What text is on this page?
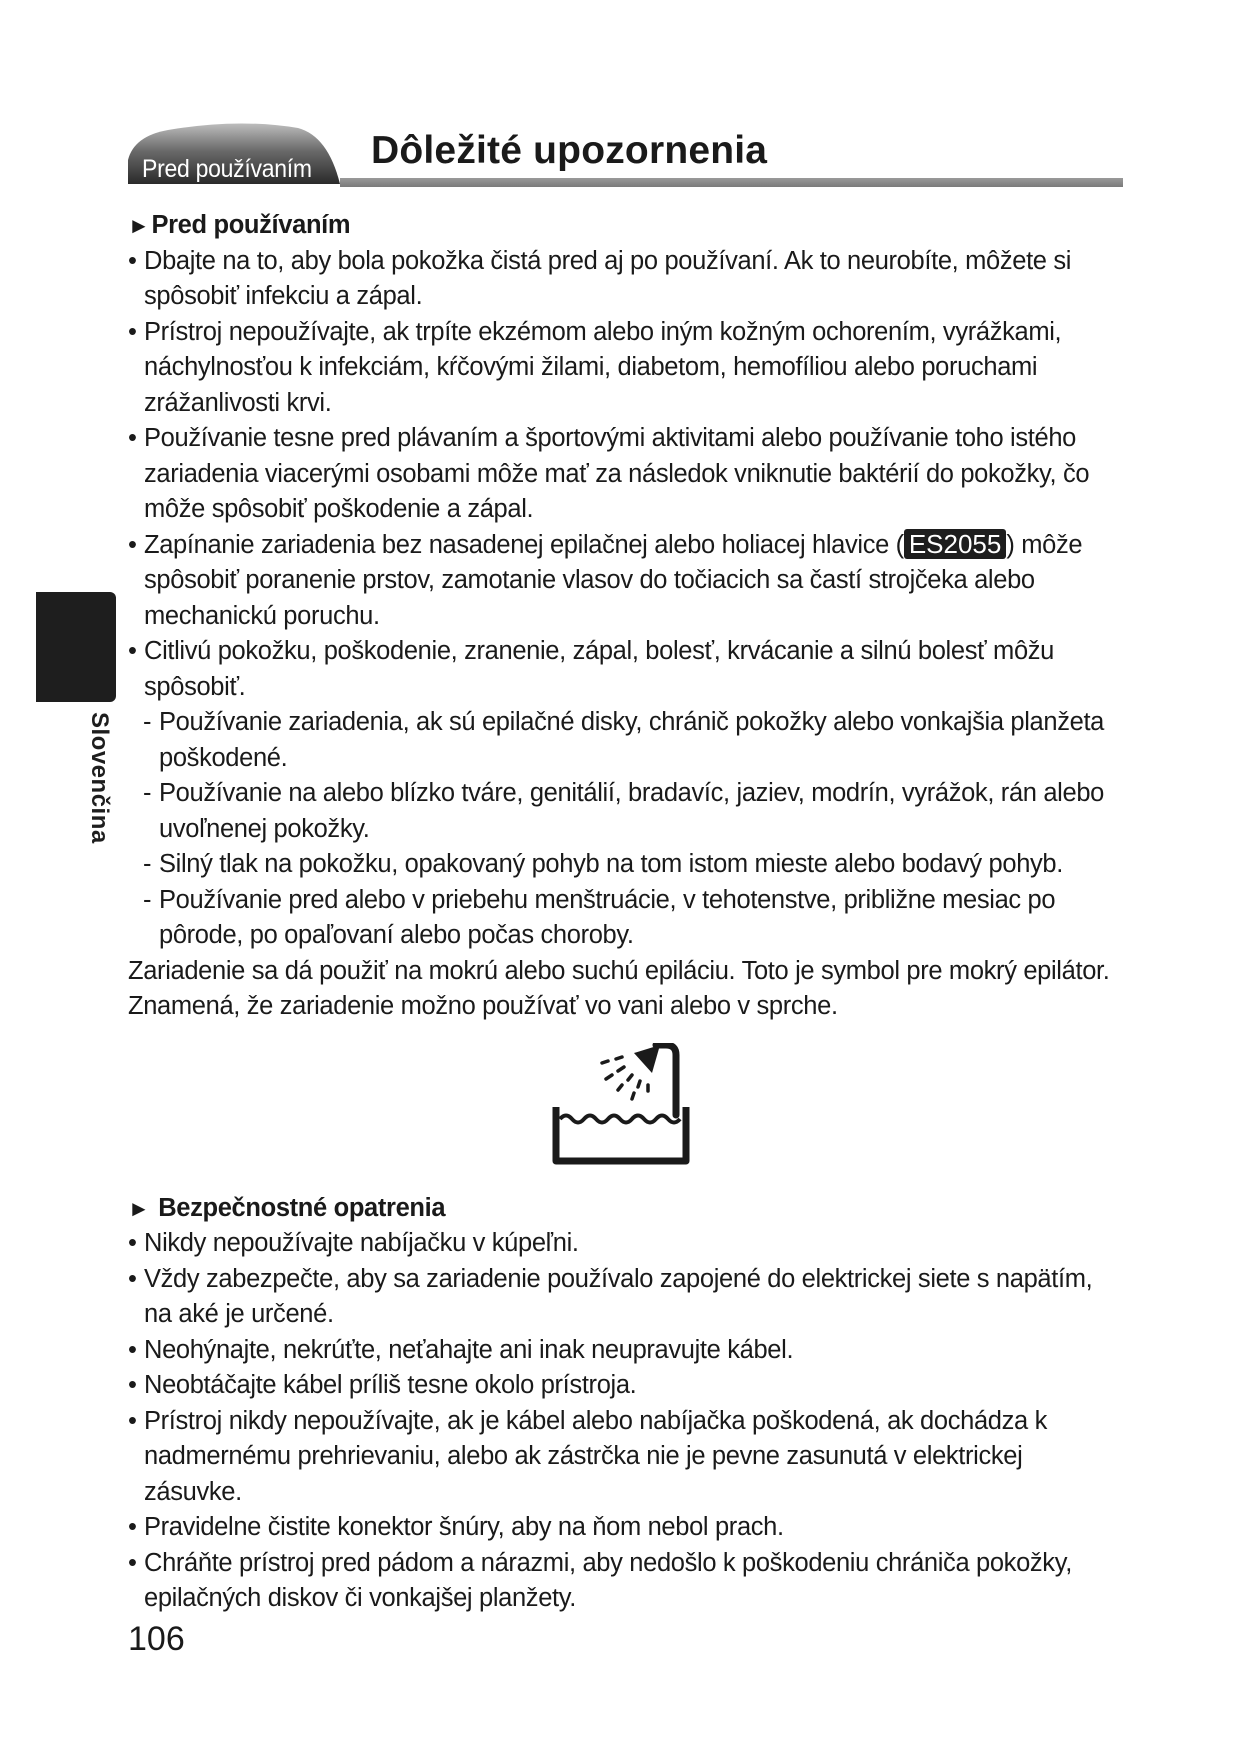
Pred používaním Dôležité upozornenia
Slovenčina
►Pred používaním
• Dbajte na to, aby bola pokožka čistá pred aj po používaní. Ak to neurobíte, môžete si spôsobiť infekciu a zápal.
• Prístroj nepoužívajte, ak trpíte ekzémom alebo iným kožným ochorením, vyrážkami, náchylnosťou k infekciám, kŕčovými žilami, diabetom, hemofíliou alebo poruchami zrážanlivosti krvi.
• Používanie tesne pred plávaním a športovými aktivitami alebo používanie toho istého zariadenia viacerými osobami môže mať za následok vniknutie baktérií do pokožky, čo môže spôsobiť poškodenie a zápal.
• Zapínanie zariadenia bez nasadenej epilačnej alebo holiacej hlavice ( ES2055 ) môže spôsobiť poranenie prstov, zamotanie vlasov do točiacich sa častí strojčeka alebo mechanickú poruchu.
• Citlivú pokožku, poškodenie, zranenie, zápal, bolesť, krvácanie a silnú bolesť môžu spôsobiť.
- Používanie zariadenia, ak sú epilačné disky, chránič pokožky alebo vonkajšia planžeta poškodené.
- Používanie na alebo blízko tváre, genitálií, bradavíc, jaziev, modrín, vyrážok, rán alebo uvoľnenej pokožky.
- Silný tlak na pokožku, opakovaný pohyb na tom istom mieste alebo bodavý pohyb.
- Používanie pred alebo v priebehu menštruácie, v tehotenstve, približne mesiac po pôrode, po opaľovaní alebo počas choroby.

Zariadenie sa dá použiť na mokrú alebo suchú epiláciu. Toto je symbol pre mokrý epilátor. Znamená, že zariadenie možno používať vo vani alebo v sprche.

► Bezpečnostné opatrenia
• Nikdy nepoužívajte nabíjačku v kúpeľni.
• Vždy zabezpečte, aby sa zariadenie používalo zapojené do elektrickej siete s napätím, na aké je určené.
• Neohýnajte, nekrúťte, neťahajte ani inak neupravujte kábel.
• Neobtáčajte kábel príliš tesne okolo prístroja.
• Prístroj nikdy nepoužívajte, ak je kábel alebo nabíjačka poškodená, ak dochádza k nadmernému prehrievaniu, alebo ak zástrčka nie je pevne zasunutá v elektrickej zásuvke.
• Pravidelne čistite konektor šnúry, aby na ňom nebol prach.
• Chráňte prístroj pred pádom a nárazmi, aby nedošlo k poškodeniu chrániča pokožky, epilačných diskov či vonkajšej planžety.
106
